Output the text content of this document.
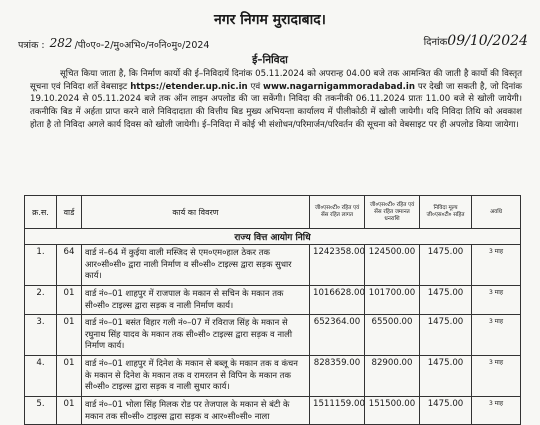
नगर निगम मुरादाबाद।
पत्रांक : 282 /पी०ए०-2/मु०अभि०/न०नि०मु०/2024	दिनांक09/10/2024
ई–निविदा
सूचित किया जाता है, कि निर्माण कार्यो की ई–निविदायें दिनांक 05.11.2024 को अपरान्ह 04.00 बजे तक आमन्त्रित की जाती है कार्यो की विस्तृत सूचना एवं निविदा शर्ते वेबसाइट https://etender.up.nic.in एवं www.nagarnigammoradabad.in पर देखी जा सकती है, जो दिनांक 19.10.2024 से 05.11.2024 बजे तक ऑन लाइन अपलोड की जा सकेंगी। निविदा की तकनीकी 06.11.2024 प्रातः 11.00 बजे से खोली जायेगी। तकनीकि बिड में अर्हता प्राप्त करने वाले निविदादाता की वित्तीय बिड मुख्य अभियन्ता कार्यालय में पीलीकोठी में खोली जायेगी। यदि निविदा तिथि को अवकाश होता है तो निविदा अगले कार्य दिवस को खोली जायेगी। ई–निविदा में कोई भी संशोधन/परिमार्जन/परिवर्तन की सूचना को वेबसाइट पर ही अपलोड किया जायेगा।
क्र.स.	वार्ड	कार्य का विवरण	जी०एस०टी० रहित एवं सेंस रहित लागत	जी०एस०टी० रहित एवं सेंस रहित जमानत धनराशि	निविदा मूल्य जी०एस०टी० सहित	अवधि
राज्य वित्त आयोग निधि						
1.	64	वार्ड नं–64 में कुईया वाली मस्जिद से एम०एम०हाल ठेकर तक आर०सी०सी० द्वारा नाली निर्माण व सी०सी० टाइल्स द्वारा सड़क सुधार कार्य।	1242358.00	124500.00	1475.00	3 माह
2.	01	वार्ड नं०–01 शाहपुर में राजपाल के मकान से सचिन के मकान तक सी०सी० टाइल्स द्वारा सड़क व नाली निर्माण कार्य।	1016628.00	101700.00	1475.00	3 माह
3.	01	वार्ड नं०–01 बसंत विहार गली नं०–07 में रविराज सिंह के मकान से रघुनाथ सिंह यादव के मकान तक सी०सी० टाइल्स द्वारा सड़क व नाली निर्माण कार्य।	652364.00	65500.00	1475.00	3 माह
4.	01	वार्ड नं०–01 शाहपुर में दिनेश के मकान से बब्लू के मकान तक व कंचन के मकान से दिनेश के मकान तक व रामरतन से विपिन के मकान तक सी०सी० टाइल्स द्वारा सड़क व नाली सुधार कार्य।	828359.00	82900.00	1475.00	3 माह
5.	01	वार्ड नं०–01 भोला सिंह मिलक रोड पर तेजपाल के मकान से बंटी के मकान तक सी०सी० टाइल्स द्वारा सड़क व आर०सी०सी० नाला	1511159.00	151500.00	1475.00	3 माह
